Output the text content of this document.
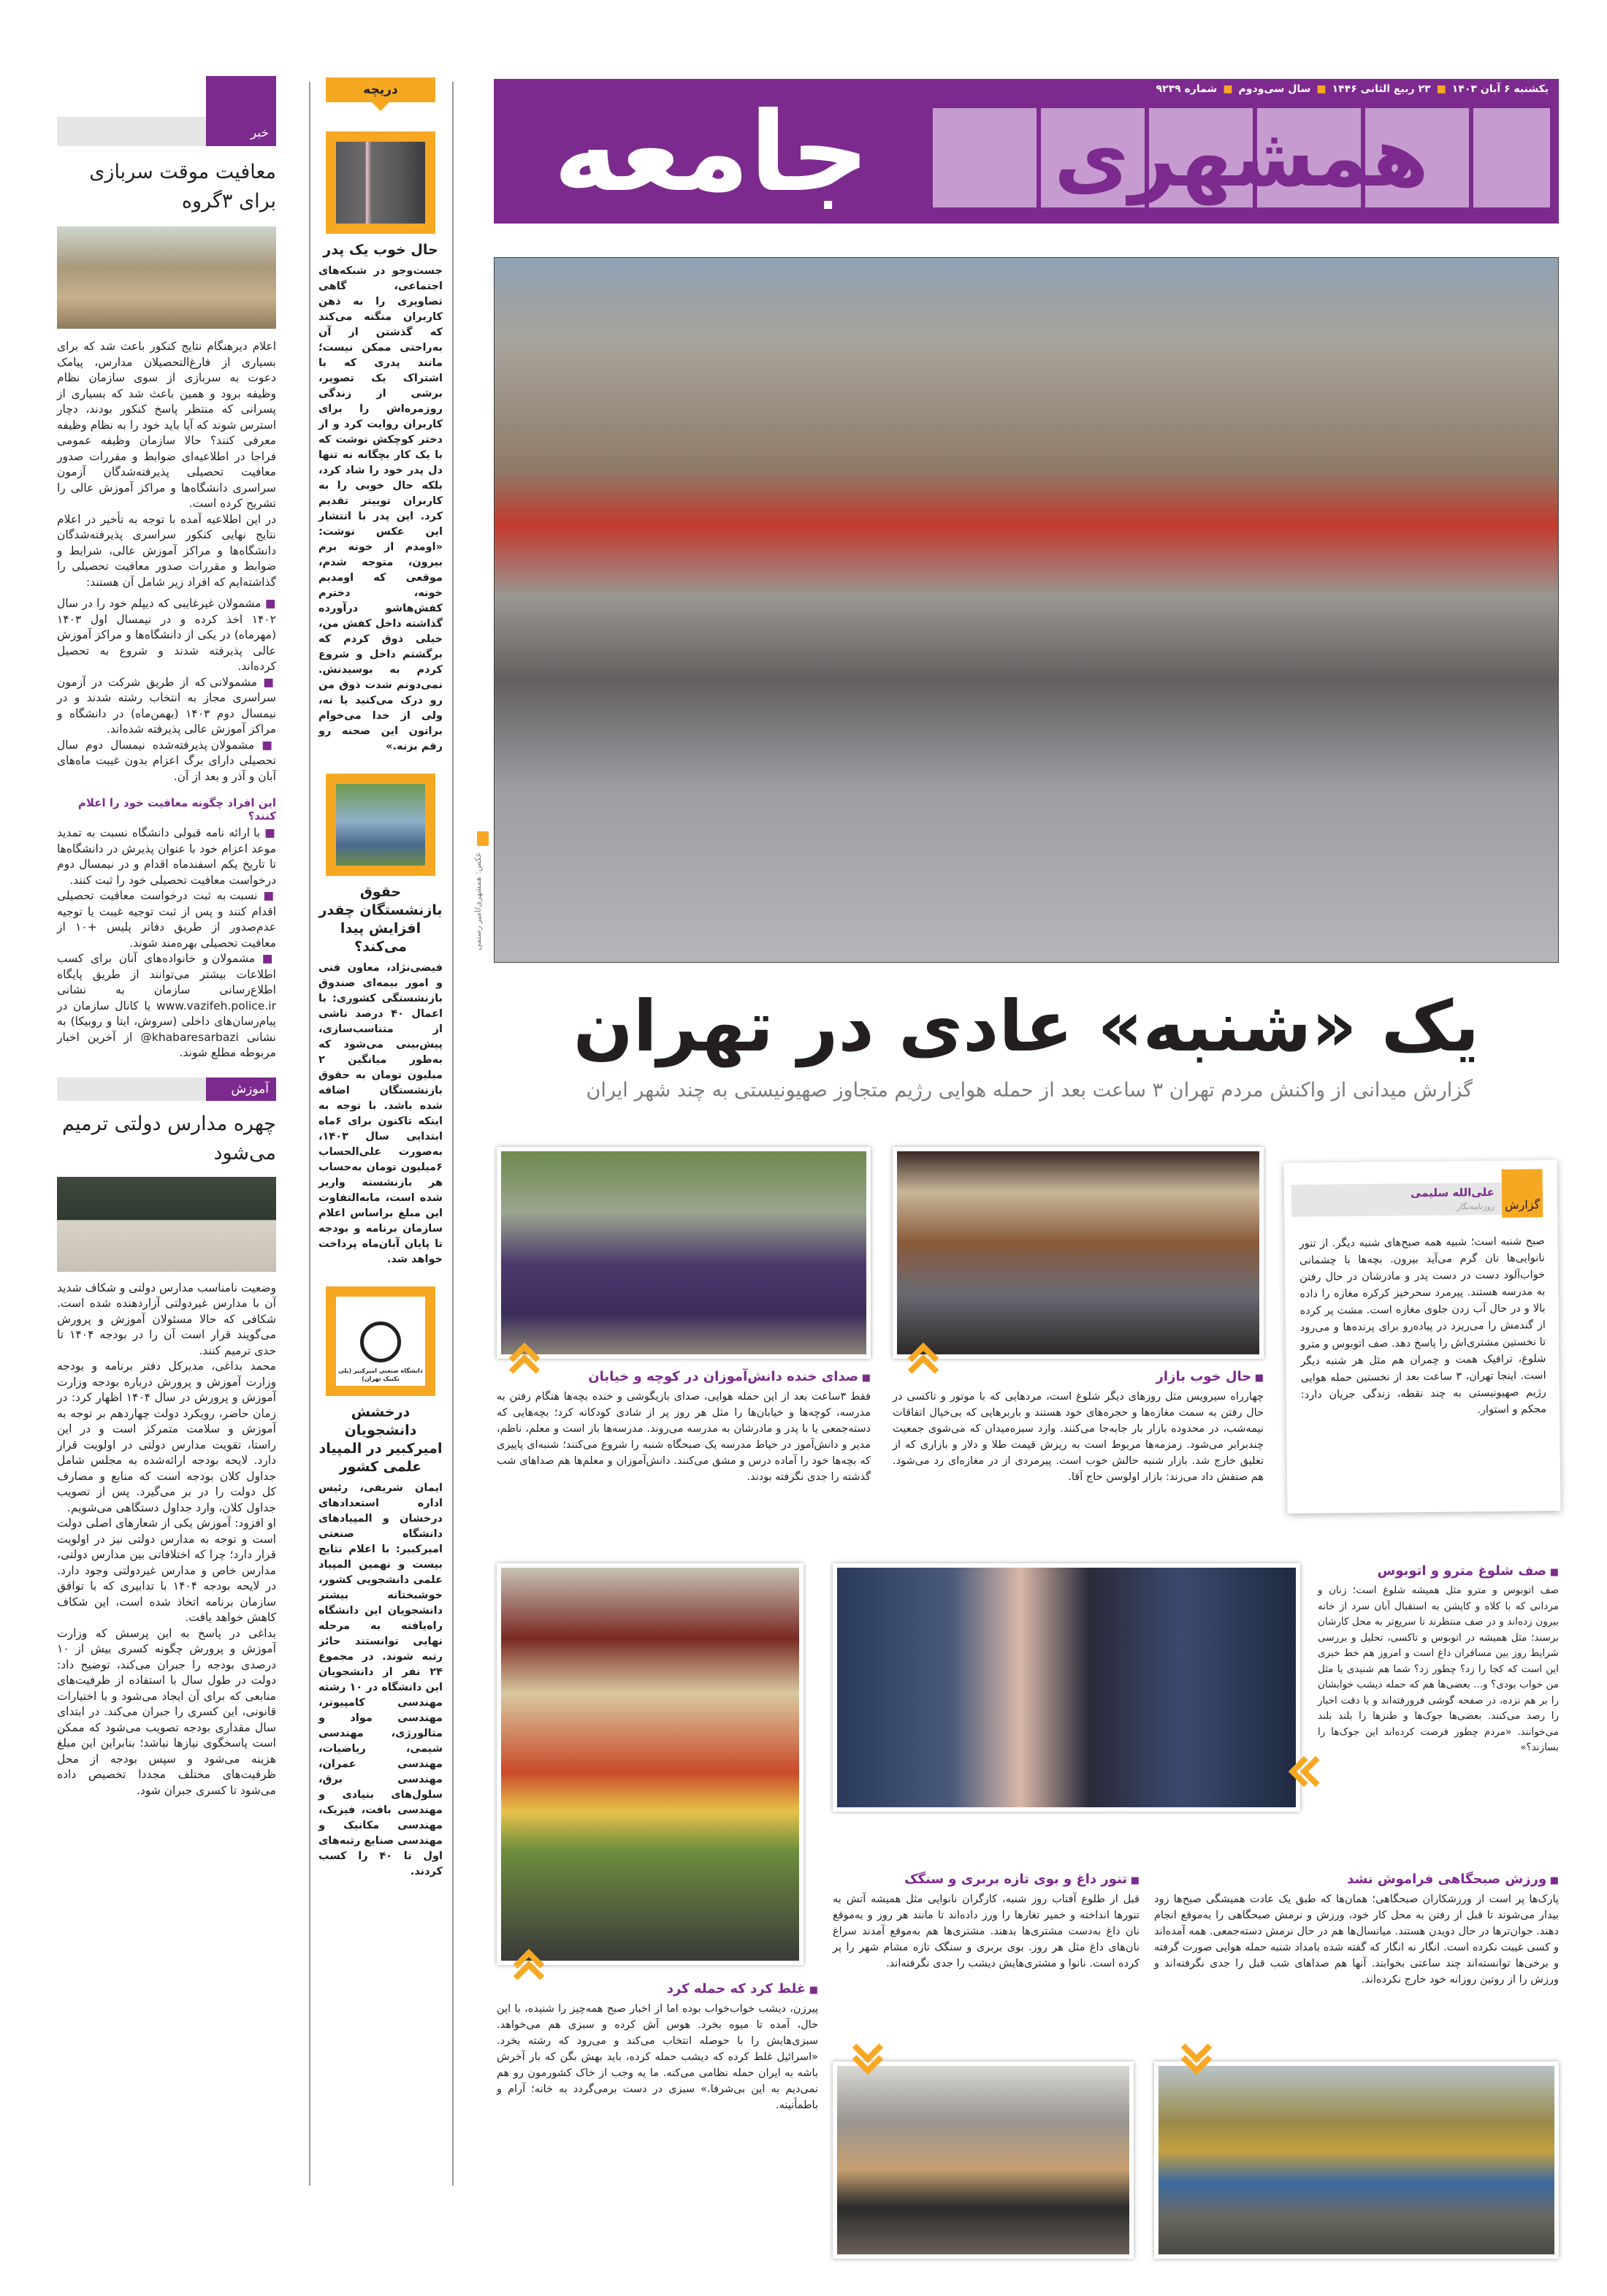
خبر
معافیت موقت سربازی برای ۳گروه

اعلام دیرهنگام نتایج کنکور باعث شد که برای بسیاری از فارغ‌التحصیلان مدارس، پیامک دعوت به سربازی از سوی سازمان نظام وظیفه برود و همین باعث شد که بسیاری از پسرانی که منتظر پاسخ کنکور بودند، دچار استرس شوند که آیا باید خود را به نظام وظیفه معرفی کنند؟ حالا سازمان وظیفه عمومی فراجا در اطلاعیه‌ای ضوابط و مقررات صدور معافیت تحصیلی پذیرفته‌شدگان آزمون سراسری دانشگاه‌ها و مراکز آموزش عالی را تشریح کرده است.

در این اطلاعیه آمده با توجه به تأخیر در اعلام نتایج نهایی کنکور سراسری پذیرفته‌شدگان دانشگاه‌ها و مراکز آموزش عالی، شرایط و ضوابط و مقررات صدور معافیت تحصیلی را گذاشته‌ایم که افراد زیر شامل آن هستند:

■ مشمولان غیرغایبی که دیپلم خود را در سال ۱۴۰۲ اخذ کرده و در نیمسال اول ۱۴۰۳ (مهرماه) در یکی از دانشگاه‌ها و مراکز آموزش عالی پذیرفته شدند و شروع به تحصیل کرده‌اند.

■ مشمولانی که از طریق شرکت در آزمون سراسری مجاز به انتخاب رشته شدند و در نیمسال دوم ۱۴۰۳ (بهمن‌ماه) در دانشگاه و مراکز آموزش عالی پذیرفته شده‌اند.

■ مشمولان پذیرفته‌شده نیمسال دوم سال تحصیلی دارای برگ اعزام بدون غیبت ماه‌های آبان و آذر و بعد از آن.

این افراد چگونه معافیت خود را اعلام کنند؟

■ با ارائه نامه قبولی دانشگاه نسبت به تمدید موعد اعزام خود با عنوان پذیرش در دانشگاه‌ها تا تاریخ یکم اسفندماه اقدام و در نیمسال دوم درخواست معافیت تحصیلی خود را ثبت کنند.

■ نسبت به ثبت درخواست معافیت تحصیلی اقدام کنند و پس از ثبت توجیه غیبت یا توجیه عدم‌صدور از طریق دفاتر پلیس +۱۰ از معافیت تحصیلی بهره‌مند شوند.

■ مشمولان و خانواده‌های آنان برای کسب اطلاعات بیشتر می‌توانند از طریق پایگاه اطلاع‌رسانی سازمان به نشانی www.vazifeh.police.ir یا کانال سازمان در پیام‌رسان‌های داخلی (سروش، ایتا و روبیکا) به نشانی khabaresarbazi@ از آخرین اخبار مربوطه مطلع شوند.

آموزش
چهره مدارس دولتی ترمیم می‌شود

وضعیت نامناسب مدارس دولتی و شکاف شدید آن با مدارس غیردولتی آزاردهنده شده است. شکافی که حالا مسئولان آموزش و پرورش می‌گویند قرار است آن را در بودجه ۱۴۰۴ تا حدی ترمیم کنند.

محمد بداغی، مدیرکل دفتر برنامه و بودجه وزارت آموزش و پرورش درباره بودجه وزارت آموزش و پرورش در سال ۱۴۰۴ اظهار کرد: در زمان حاضر، رویکرد دولت چهاردهم بر توجه به آموزش و سلامت متمرکز است و در این راستا، تقویت مدارس دولتی در اولویت قرار دارد. لایحه بودجه ارائه‌شده به مجلس شامل جداول کلان بودجه است که منابع و مصارف کل دولت را در بر می‌گیرد. پس از تصویب جداول کلان، وارد جداول دستگاهی می‌شویم.

او افزود: آموزش یکی از شعارهای اصلی دولت است و توجه به مدارس دولتی نیز در اولویت قرار دارد؛ چرا که اختلافاتی بین مدارس دولتی، مدارس خاص و مدارس غیردولتی وجود دارد. در لایحه بودجه ۱۴۰۴ با تدابیری که با توافق سازمان برنامه اتخاذ شده است، این شکاف کاهش خواهد یافت.

بداغی در پاسخ به این پرسش که وزارت آموزش و پرورش چگونه کسری بیش از ۱۰ درصدی بودجه را جبران می‌کند، توضیح داد: دولت در طول سال با استفاده از ظرفیت‌های منابعی که برای آن ایجاد می‌شود و با اختیارات قانونی، این کسری را جبران می‌کند. در ابتدای سال مقداری بودجه تصویب می‌شود که ممکن است پاسخگوی نیازها نباشد؛ بنابراین این مبلغ هزینه می‌شود و سپس بودجه از محل ظرفیت‌های مختلف مجددا تخصیص داده می‌شود تا کسری جبران شود.

دریچه
حال خوب یک پدر

جست‌وجو در شبکه‌های اجتماعی، گاهی تصاویری را به ذهن کاربران منگنه می‌کند که گذشتن از آن به‌راحتی ممکن نیست؛ مانند پدری که با اشتراک یک تصویر، برشی از زندگی روزمره‌اش را برای کاربران روایت کرد و از دختر کوچکش نوشت که با یک کار بچگانه نه تنها دل پدر خود را شاد کرد، بلکه حال خوبی را به کاربران توییتر تقدیم کرد. این پدر با انتشار این عکس نوشت: «اومدم از خونه برم بیرون، متوجه شدم، موقعی که اومدیم خونه، دخترم کفش‌هاشو درآورده گذاشته داخل کفش من، خیلی ذوق کردم که برگشتم داخل و شروع کردم به بوسیدنش. نمی‌دونم شدت ذوق من رو درک می‌کنید یا نه، ولی از خدا می‌خوام براتون این صحنه رو رقم بزنه.»

حقوق بازنشستگان چقدر افزایش پیدا می‌کند؟

فیضی‌نژاد، معاون فنی و امور بیمه‌ای صندوق بازنشستگی کشوری: با اعمال ۴۰ درصد ناشی از متناسب‌سازی، پیش‌بینی می‌شود که به‌طور میانگین ۲ میلیون تومان به حقوق بازنشستگان اضافه شده باشد. با توجه به اینکه تاکنون برای ۶ماه ابتدایی سال ۱۴۰۳، به‌صورت علی‌الحساب ۶میلیون تومان به‌حساب هر بازنشسته واریز شده است، مابه‌التفاوت این مبلغ براساس اعلام سازمان برنامه و بودجه تا پایان آبان‌ماه پرداخت خواهد شد.

دانشگاه صنعتی امیرکبیر (پلی تکنیک تهران)
درخشش دانشجویان امیرکبیر در المپیاد علمی کشور

ایمان شریفی، رئیس اداره استعدادهای درخشان و المپیادهای دانشگاه صنعتی امیرکبیر: با اعلام نتایج بیست و نهمین المپیاد علمی دانشجویی کشور، خوشبختانه بیشتر دانشجویان این دانشگاه راه‌یافته به مرحله نهایی توانستند حائز رتبه شوند. در مجموع ۲۴ نفر از دانشجویان این دانشگاه در ۱۰ رشته مهندسی کامپیوتر، مهندسی مواد و متالورژی، مهندسی شیمی، ریاضیات، مهندسی عمران، مهندسی برق، سلول‌های بنیادی و مهندسی بافت، فیزیک، مهندسی مکانیک و مهندسی صنایع رتبه‌های اول تا ۴۰ را کسب کردند.

یکشنبه ۶ آبان ۱۴۰۳
■
۲۳ ربیع الثانی ۱۴۴۶
■
سال سی‌ودوم
■
شماره ۹۲۳۹
همشهری
جامعه
عکس: همشهری/امیر رستمی
یک «شنبه» عادی در تهران
گزارش میدانی از واکنش مردم تهران ۳ ساعت بعد از حمله هوایی رژیم متجاوز صهیونیستی به چند شهر ایران
گزارش
علی‌الله سلیمی
روزنامه‌نگار

صبح شنبه است؛ شبیه همه صبح‌های شنبه دیگر. از تنور نانوایی‌ها نان گرم می‌آید بیرون. بچه‌ها با چشمانی خواب‌آلود دست در دست پدر و مادرشان در حال رفتن به مدرسه هستند. پیرمرد سحرخیز کرکره مغازه را داده بالا و در حال آب زدن جلوی مغازه است. مشت پر کرده از گندمش را می‌ریزد در پیاده‌رو برای پرنده‌ها و می‌رود تا نخستین مشتری‌اش را پاسخ دهد. صف اتوبوس و مترو شلوغ، ترافیک همت و چمران هم مثل هر شنبه دیگر است. اینجا تهران، ۳ ساعت بعد از نخستین حمله هوایی رژیم صهیونیستی به چند نقطه، زندگی جریان دارد: محکم و استوار.

■ حال خوب بازار

چهارراه سیرویس مثل روزهای دیگر شلوغ است، مردهایی که با موتور و تاکسی در حال رفتن به سمت مغازه‌ها و حجره‌های خود هستند و باربرهایی که بی‌خیال اتفاقات نیمه‌شب، در محدوده بازار بار جابه‌جا می‌کنند. وارد سبزه‌میدان که می‌شوی جمعیت چندبرابر می‌شود. زمزمه‌ها مربوط است به ریزش قیمت طلا و دلار و بازاری که از تعلیق خارج شد. بازار شنبه حالش خوب است. پیرمردی از در مغازه‌ای رد می‌شود. هم صنفش داد می‌زند: بازار اولوسن حاج آقا.

■ صدای خنده دانش‌آموزان در کوچه و خیابان

فقط ۳ساعت بعد از این حمله هوایی، صدای بازیگوشی و خنده بچه‌ها هنگام رفتن به مدرسه، کوچه‌ها و خیابان‌ها را مثل هر روز پر از شادی کودکانه کرد؛ بچه‌هایی که دسته‌جمعی یا با پدر و مادرشان به مدرسه می‌روند. مدرسه‌ها باز است و معلم، ناظم، مدیر و دانش‌آموز در حیاط مدرسه یک صبحگاه شنبه را شروع می‌کنند؛ شنبه‌ای پاییزی که بچه‌ها خود را آماده درس و مشق می‌کنند. دانش‌آموزان و معلم‌ها هم صداهای شب گذشته را جدی نگرفته بودند.

■ غلط کرد که حمله کرد

پیرزن، دیشب خواب‌خواب بوده اما از اخبار صبح همه‌چیز را شنیده، با این حال، آمده تا میوه بخرد. هوس آش کرده و سبزی هم می‌خواهد. سبزی‌هایش را با حوصله انتخاب می‌کند و می‌رود که رشته بخرد. «اسرائیل غلط کرده که دیشب حمله کرده، باید بهش بگن که بار آخرش باشه به ایران حمله نظامی می‌کنه. ما یه وجب از خاک کشورمون رو هم نمی‌دیم به این بی‌شرفا.» سبزی در دست برمی‌گردد به خانه؛ آرام و باطمأنینه.

■ صف شلوغ مترو و اتوبوس

صف اتوبوس و مترو مثل همیشه شلوغ است؛ زنان و مردانی که با کلاه و کاپشن به استقبال آبان سرد از خانه بیرون زده‌اند و در صف منتظرند تا سریع‌تر به محل کارشان برسند؛ مثل همیشه در اتوبوس و تاکسی، تحلیل و بررسی شرایط روز بین مسافران داغ است و امروز هم خط خبری این است که کجا را زد؟ چطور زد؟ شما هم شنیدی یا مثل من خواب بودی؟ و... بعضی‌ها هم که حمله دیشب خوابشان را بر هم نزده، در صفحه گوشی فرورفته‌اند و با دقت اخبار را رصد می‌کنند. بعضی‌ها جوک‌ها و طنزها را بلند بلند می‌خوانند. «مردم چطور فرصت کرده‌اند این جوک‌ها را بسازند؟»

■ ورزش صبحگاهی فراموش نشد

پارک‌ها پر است از ورزشکاران صبحگاهی؛ همان‌ها که طبق یک عادت همیشگی صبح‌ها زود بیدار می‌شوند تا قبل از رفتن به محل کار خود، ورزش و نرمش صبحگاهی را به‌موقع انجام دهند. جوان‌ترها در حال دویدن هستند. میانسال‌ها هم در حال نرمش دسته‌جمعی. همه آمده‌اند و کسی غیبت نکرده است. انگار نه انگار که گفته شده بامداد شنبه حمله هوایی صورت گرفته و برخی‌ها توانسته‌اند چند ساعتی بخوابند. آنها هم صداهای شب قبل را جدی نگرفته‌اند و ورزش را از روتین روزانه خود خارج نکرده‌اند.

■ تنور داغ و بوی تازه بربری و سنگک

قبل از طلوع آفتاب روز شنبه، کارگران نانوایی مثل همیشه آتش به تنورها انداخته و خمیر تغارها را ورز داده‌اند تا مانند هر روز و به‌موقع نان داغ به‌دست مشتری‌ها بدهند. مشتری‌ها هم به‌موقع آمدند سراغ نان‌های داغ مثل هر روز. بوی بربری و سنگک تازه مشام شهر را پر کرده است. نانوا و مشتری‌هایش دیشب را جدی نگرفته‌اند.
